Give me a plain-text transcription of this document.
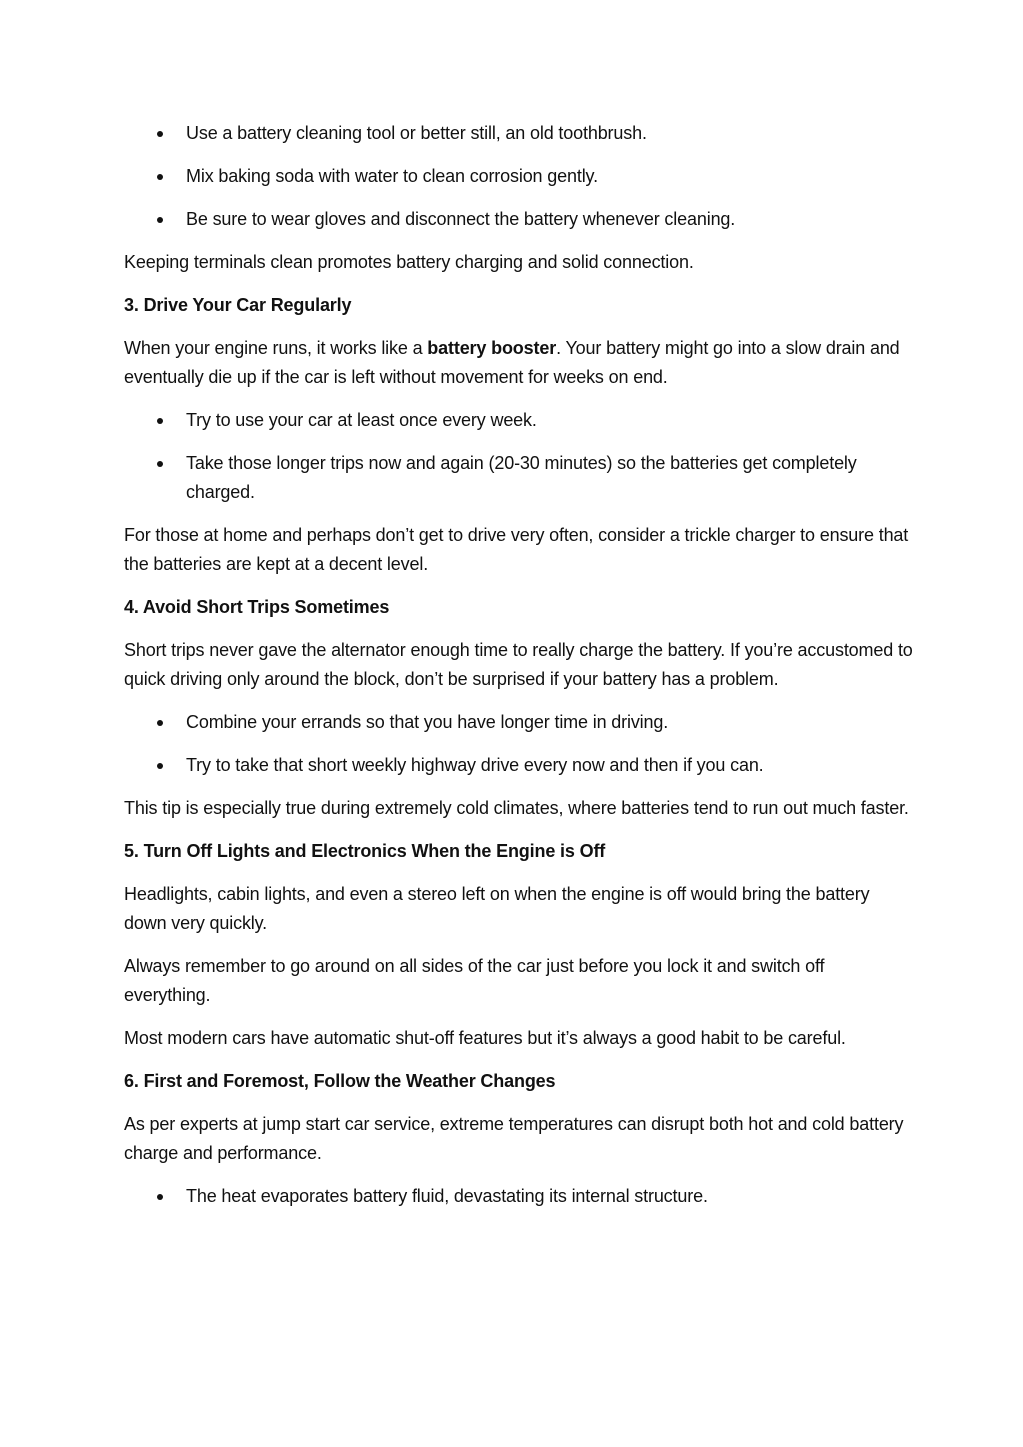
Use a battery cleaning tool or better still, an old toothbrush.
Mix baking soda with water to clean corrosion gently.
Be sure to wear gloves and disconnect the battery whenever cleaning.

Keeping terminals clean promotes battery charging and solid connection.

3. Drive Your Car Regularly

When your engine runs, it works like a battery booster. Your battery might go into a slow drain and eventually die up if the car is left without movement for weeks on end.

Try to use your car at least once every week.
Take those longer trips now and again (20-30 minutes) so the batteries get completely charged.

For those at home and perhaps don’t get to drive very often, consider a trickle charger to ensure that the batteries are kept at a decent level.

4. Avoid Short Trips Sometimes

Short trips never gave the alternator enough time to really charge the battery. If you’re accustomed to quick driving only around the block, don’t be surprised if your battery has a problem.

Combine your errands so that you have longer time in driving.
Try to take that short weekly highway drive every now and then if you can.

This tip is especially true during extremely cold climates, where batteries tend to run out much faster.

5. Turn Off Lights and Electronics When the Engine is Off

Headlights, cabin lights, and even a stereo left on when the engine is off would bring the battery down very quickly.

Always remember to go around on all sides of the car just before you lock it and switch off everything.

Most modern cars have automatic shut-off features but it’s always a good habit to be careful.

6. First and Foremost, Follow the Weather Changes

As per experts at jump start car service, extreme temperatures can disrupt both hot and cold battery charge and performance.

The heat evaporates battery fluid, devastating its internal structure.
